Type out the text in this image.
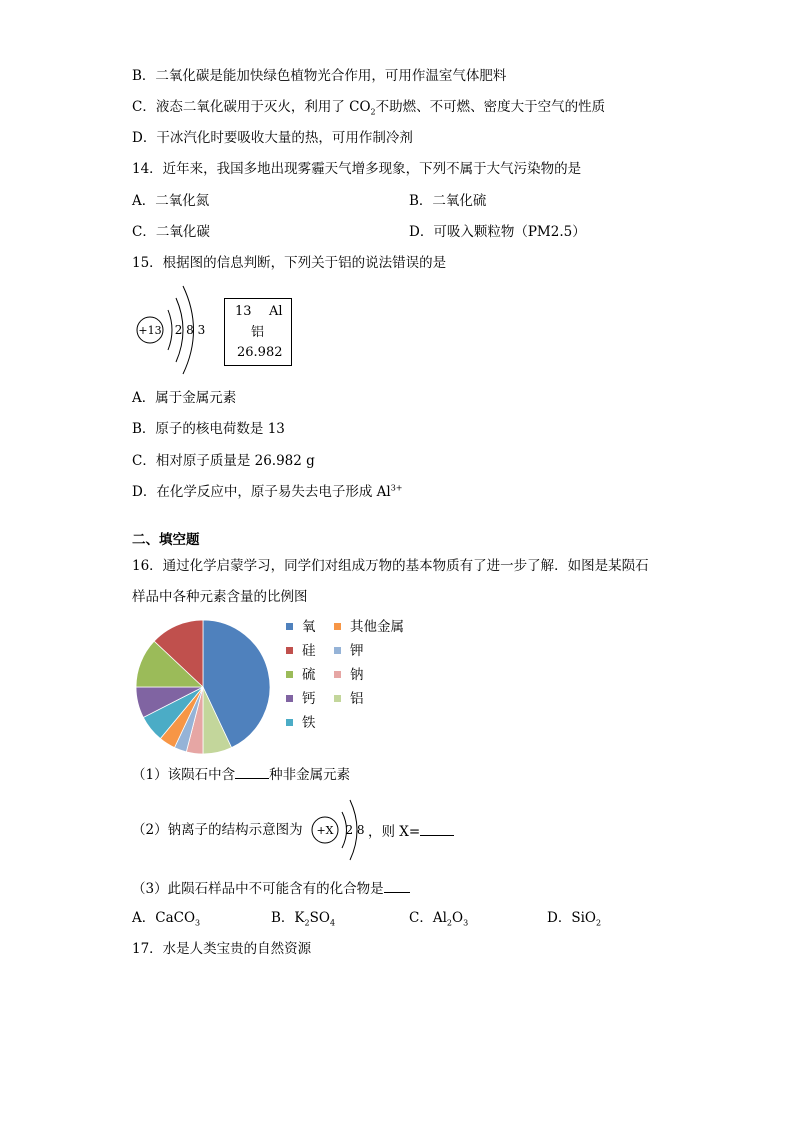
B．二氧化碳是能加快绿色植物光合作用，可用作温室气体肥料
C．液态二氧化碳用于灭火，利用了 $CO_2$不助燃、不可燃、密度大于空气的性质
D．干冰汽化时要吸收大量的热，可用作制冷剂
14．近年来，我国多地出现雾霾天气增多现象，下列不属于大气污染物的是
A．二氧化氮	B．二氧化硫
C．二氧化碳	D．可吸入颗粒物（PM2.5）
15．根据图的信息判断，下列关于铝的说法错误的是
+13 2 8 3
13 Al
铝
26.982
A．属于金属元素
B．原子的核电荷数是 13
C．相对原子质量是 26.982 g
D．在化学反应中，原子易失去电子形成 $Al^{3+}$
二、填空题
16．通过化学启蒙学习，同学们对组成万物的基本物质有了进一步了解．如图是某陨石
样品中各种元素含量的比例图
氧	其他金属
硅	钾
硫	钠
钙	铝
铁
（1）该陨石中含	种非金属元素
（2）钠离子的结构示意图为 +X 2 8 ，则 X=
（3）此陨石样品中不可能含有的化合物是
A．CaCO$_3$	B．$K_2SO_4$	C．$Al_2O_3$	D．SiO$_2$
17．水是人类宝贵的自然资源
